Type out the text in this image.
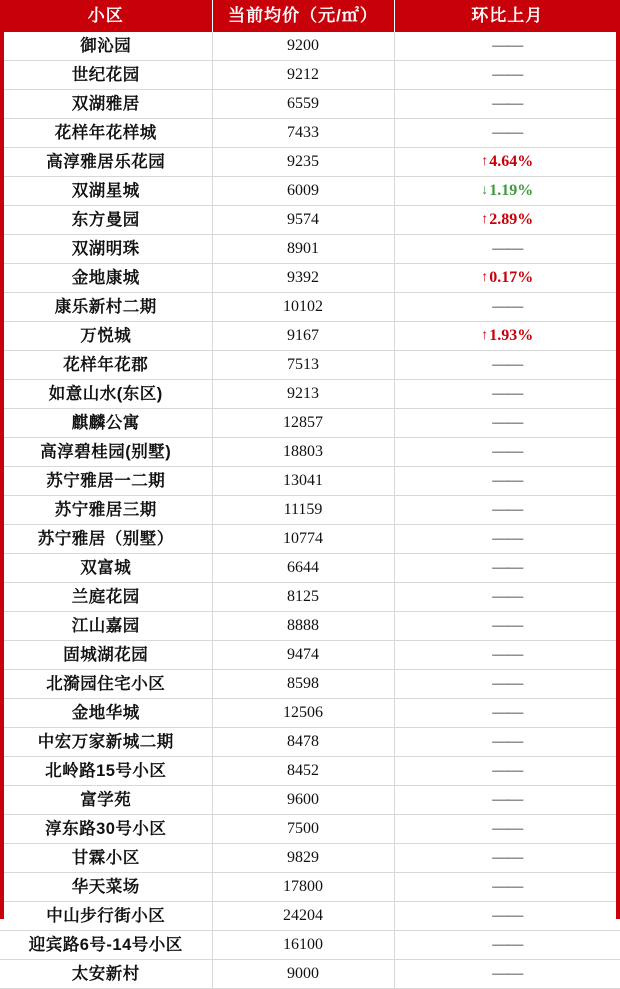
小区	当前均价（元/㎡）	环比上月
御沁园	9200	——
世纪花园	9212	——
双湖雅居	6559	——
花样年花样城	7433	——
高淳雅居乐花园	9235	↑4.64%
双湖星城	6009	↓1.19%
东方曼园	9574	↑2.89%
双湖明珠	8901	——
金地康城	9392	↑0.17%
康乐新村二期	10102	——
万悦城	9167	↑1.93%
花样年花郡	7513	——
如意山水(东区)	9213	——
麒麟公寓	12857	——
高淳碧桂园(别墅)	18803	——
苏宁雅居一二期	13041	——
苏宁雅居三期	11159	——
苏宁雅居（别墅）	10774	——
双富城	6644	——
兰庭花园	8125	——
江山嘉园	8888	——
固城湖花园	9474	——
北漪园住宅小区	8598	——
金地华城	12506	——
中宏万家新城二期	8478	——
北岭路15号小区	8452	——
富学苑	9600	——
淳东路30号小区	7500	——
甘霖小区	9829	——
华天菜场	17800	——
中山步行街小区	24204	——
迎宾路6号-14号小区	16100	——
太安新村	9000	——
